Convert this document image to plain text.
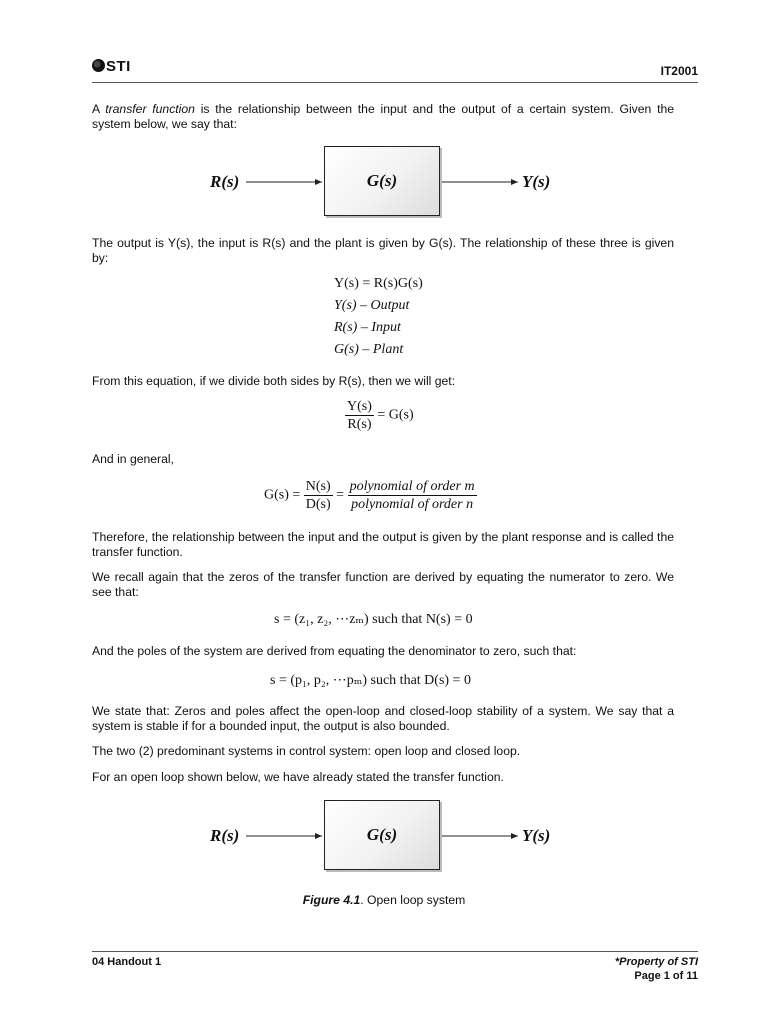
STI	IT2001
A transfer function is the relationship between the input and the output of a certain system. Given the system below, we say that:
R(s)	G(s)	Y(s)
The output is Y(s), the input is R(s) and the plant is given by G(s). The relationship of these three is given by:
Y(s) = R(s)G(s)
Y(s) – Output
R(s) – Input
G(s) – Plant
From this equation, if we divide both sides by R(s), then we will get:
$\frac{Y(s)}{R(s)} = G(s)$
And in general,
$G(s) = \frac{N(s)}{D(s)} = \frac{\text{polynomial of order m}}{\text{polynomial of order n}}$
Therefore, the relationship between the input and the output is given by the plant response and is called the transfer function.
We recall again that the zeros of the transfer function are derived by equating the numerator to zero. We see that:
s = (z₁, z₂, ⋯zₘ) such that N(s) = 0
And the poles of the system are derived from equating the denominator to zero, such that:
s = (p₁, p₂, ⋯pₘ) such that D(s) = 0
We state that: Zeros and poles affect the open-loop and closed-loop stability of a system. We say that a system is stable if for a bounded input, the output is also bounded.
The two (2) predominant systems in control system: open loop and closed loop.
For an open loop shown below, we have already stated the transfer function.
R(s)	G(s)	Y(s)
Figure 4.1. Open loop system
04 Handout 1	*Property of STI
Page 1 of 11
